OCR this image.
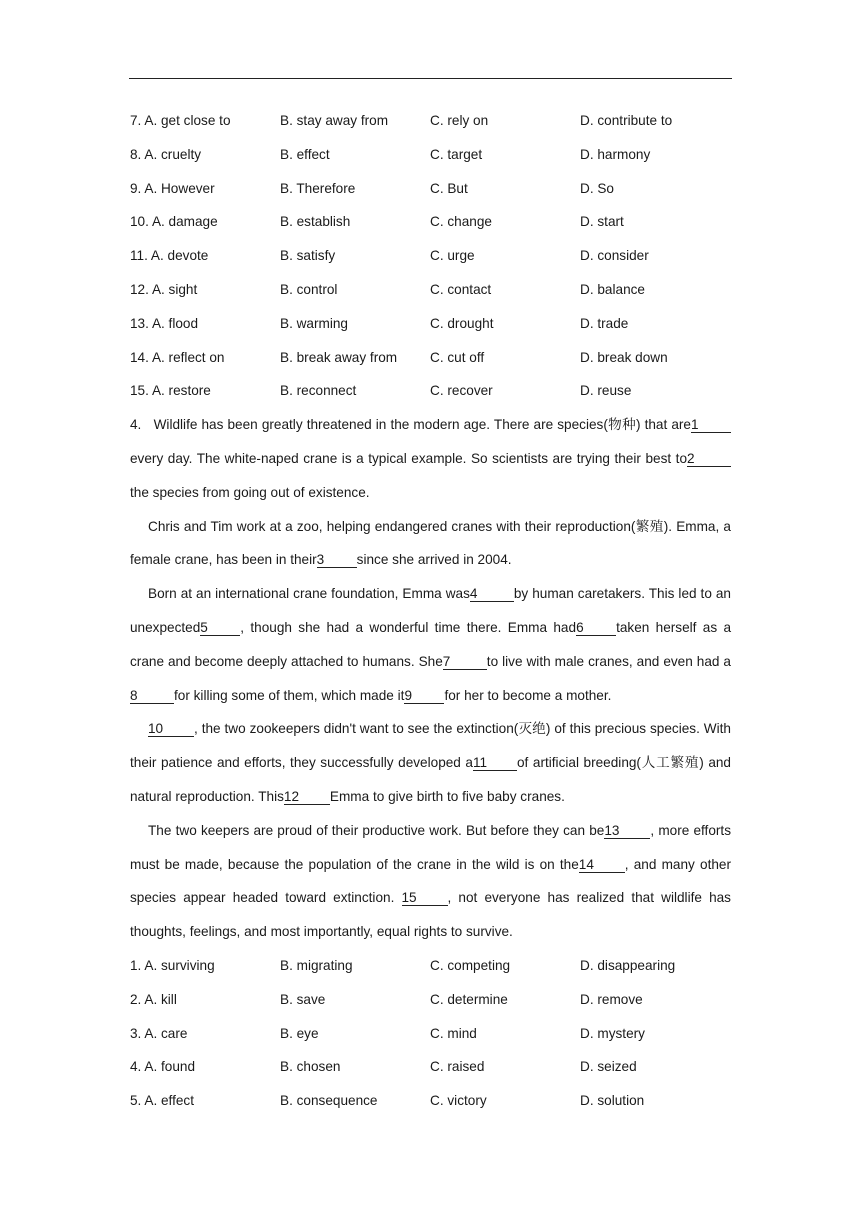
7. A. get close to	B. stay away from	C. rely on	D. contribute to
8. A. cruelty	B. effect	C. target	D. harmony
9. A. However	B. Therefore	C. But	D. So
10. A. damage	B. establish	C. change	D. start
11. A. devote	B. satisfy	C. urge	D. consider
12. A. sight	B. control	C. contact	D. balance
13. A. flood	B. warming	C. drought	D. trade
14. A. reflect on	B. break away from	C. cut off	D. break down
15. A. restore	B. reconnect	C. recover	D. reuse

4.   Wildlife has been greatly threatened in the modern age. There are species(物种) that are1every day. The white-naped crane is a typical example. So scientists are trying their best to2the species from going out of existence.

Chris and Tim work at a zoo, helping endangered cranes with their reproduction(繁殖). Emma, a female crane, has been in their3 since she arrived in 2004.

Born at an international crane foundation, Emma was4	by human caretakers. This led to an unexpected5 , though she had a wonderful time there. Emma had6 taken herself as a crane and become deeply attached to humans. She7	to live with male cranes, and even had a8	for killing some of them, which made it9 for her to become a mother.

10 , the two zookeepers didn't want to see the extinction(灭绝) of this precious species. With their patience and efforts, they successfully developed a11 of artificial breeding(人工繁殖) and natural reproduction. This12 Emma to give birth to five baby cranes.

The two keepers are proud of their productive work. But before they can be13 , more efforts must be made, because the population of the crane in the wild is on the14 , and many other species appear headed toward extinction. 15 , not everyone has realized that wildlife has thoughts, feelings, and most importantly, equal rights to survive.

1. A. surviving	B. migrating	C. competing	D. disappearing
2. A. kill	B. save	C. determine	D. remove
3. A. care	B. eye	C. mind	D. mystery
4. A. found	B. chosen	C. raised	D. seized
5. A. effect	B. consequence	C. victory	D. solution
